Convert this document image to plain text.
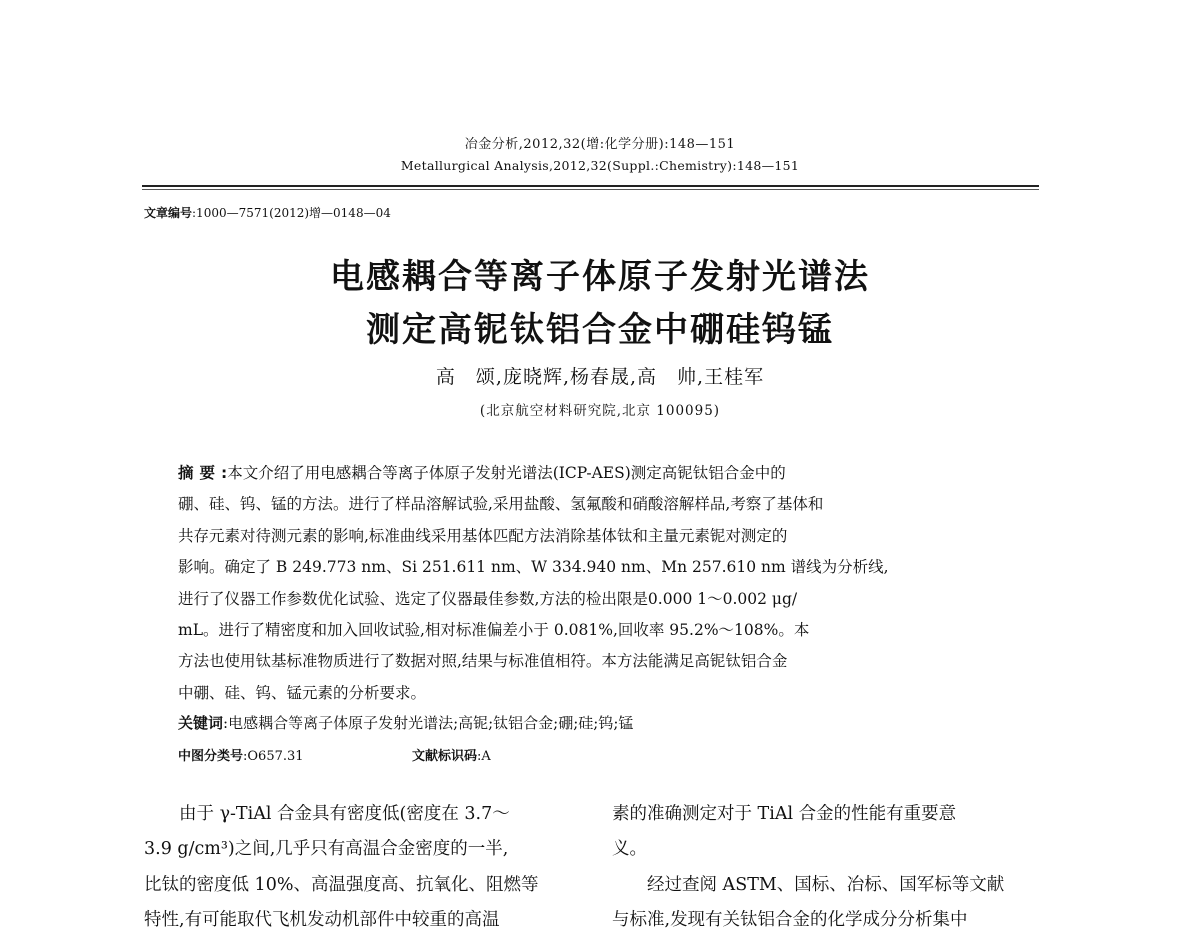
冶金分析,2012,32(增:化学分册):148—151
Metallurgical Analysis,2012,32(Suppl.:Chemistry):148—151
文章编号:1000—7571(2012)增—0148—04
电感耦合等离子体原子发射光谱法
测定高铌钛铝合金中硼硅钨锰
高　颂,庞晓辉,杨春晟,高　帅,王桂军
(北京航空材料研究院,北京 100095)
摘要:本文介绍了用电感耦合等离子体原子发射光谱法(ICP-AES)测定高铌钛铝合金中的
硼、硅、钨、锰的方法。进行了样品溶解试验,采用盐酸、氢氟酸和硝酸溶解样品,考察了基体和
共存元素对待测元素的影响,标准曲线采用基体匹配方法消除基体钛和主量元素铌对测定的
影响。确定了 B 249.773 nm、Si 251.611 nm、W 334.940 nm、Mn 257.610 nm 谱线为分析线,
进行了仪器工作参数优化试验、选定了仪器最佳参数,方法的检出限是0.000 1～0.002 μg/
mL。进行了精密度和加入回收试验,相对标准偏差小于 0.081%,回收率 95.2%～108%。本
方法也使用钛基标准物质进行了数据对照,结果与标准值相符。本方法能满足高铌钛铝合金
中硼、硅、钨、锰元素的分析要求。
关键词:电感耦合等离子体原子发射光谱法;高铌;钛铝合金;硼;硅;钨;锰
中图分类号:O657.31	文献标识码:A
由于 γ-TiAl 合金具有密度低(密度在 3.7～
3.9 g/cm³)之间,几乎只有高温合金密度的一半,
比钛的密度低 10%、高温强度高、抗氧化、阻燃等
特性,有可能取代飞机发动机部件中较重的高温
素的准确测定对于 TiAl 合金的性能有重要意
义。
经过查阅 ASTM、国标、冶标、国军标等文献
与标准,发现有关钛铝合金的化学成分分析集中
